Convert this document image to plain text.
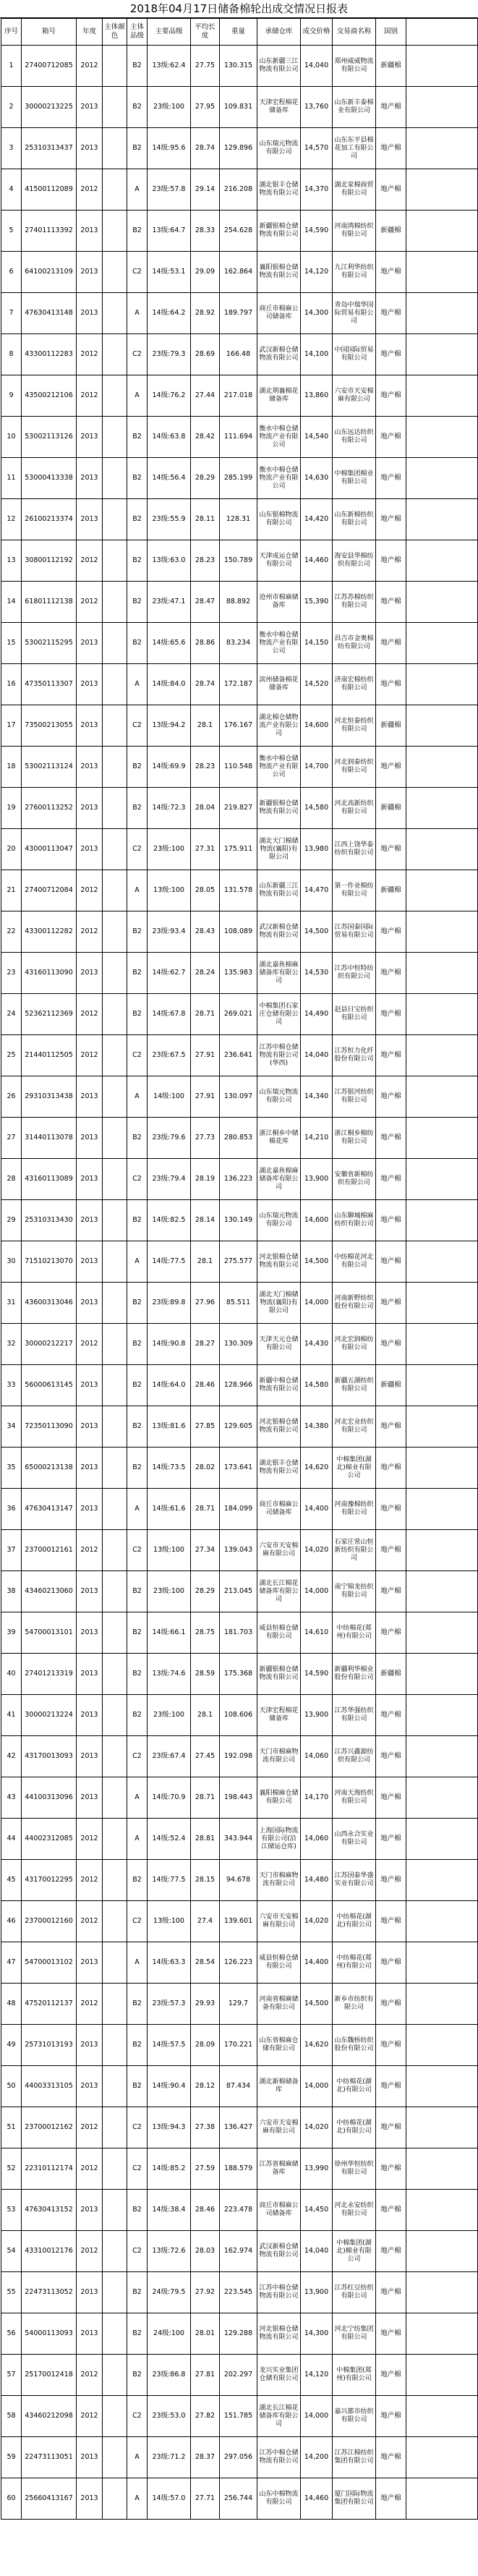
2018年04月17日储备棉轮出成交情况日报表
序号	箱号	年度	主体颜色	主体品级	主要品级	平均长度	重量	承储仓库	成交价格	交易商名称	国别	
1	27400712085	2012		B2	13级:62.4	27.75	130.315	山东新疆三江物流有限公司	14,040	郑州威威物流有限公司	新疆棉	
2	30000213225	2013		B2	23级:100	27.95	109.831	天津宏程棉花储备库	13,760	山东新丰泰棉业有限公司	地产棉	
3	25310313437	2013		B2	14级:95.6	28.74	129.896	山东瑞元物流有限公司	14,570	山东东平县棉花加工有限公司	地产棉	
4	41500112089	2012		A	23级:57.8	29.14	216.208	湖北银丰仓储物流有限公司	14,370	湖北家棉商贸有限公司	地产棉	
5	27401113392	2013		B2	13级:64.7	28.33	254.628	新疆银棉仓储物流有限公司	14,590	河南鸿棉纺织有限公司	新疆棉	
6	64100213109	2013		C2	14级:53.1	29.09	162.864	襄阳银棉仓储物流有限公司	14,120	九江利华纺织有限公司	地产棉	
7	47630413148	2013		A	14级:64.2	28.92	189.797	商丘市棉麻公司储备库	14,300	青岛中瑞华国际贸易有限公司	地产棉	
8	43300112283	2012		C2	23级:79.3	28.69	166.48	武汉新棉仓储物流有限公司	14,100	中国国际贸易有限公司	地产棉	
9	43500212106	2012		A	14级:76.2	27.44	217.018	湖北荆襄棉花储备库	13,860	六安市天安棉麻有限公司	地产棉	
10	53002113126	2013		B2	14级:63.8	28.42	111.694	衡水中棉仓储物流产业有限公司	14,540	山东远达纺织有限公司	地产棉	
11	53000413338	2013		B2	14级:56.4	28.29	285.199	衡水中棉仓储物流产业有限公司	14,630	中棉集团棉业有限公司	地产棉	
12	26100213374	2013		B2	23级:55.9	28.11	128.31	山东银棉物流有限公司	14,420	山东新棉纺织有限公司	地产棉	
13	30800112192	2012		B2	13级:63.0	28.23	150.789	天津成运仓储有限公司	14,460	海安县华棉纺织有限公司	地产棉	
14	61801112138	2012		B2	23级:47.1	28.47	88.892	沧州市棉麻储备库	15,390	江苏苏棉纺织有限公司	地产棉	
15	53002115295	2013		B2	14级:65.6	28.86	83.234	衡水中棉仓储物流产业有限公司	14,150	昌吉市金奥棉纺有限公司	地产棉	
16	47350113307	2013		A	14级:84.0	28.74	172.187	滨州储备棉花储备库	14,520	济南宏棉纺织有限公司	地产棉	
17	73500213055	2013		C2	13级:94.2	28.1	176.167	湖北棉仓储物流产业有限公司	14,600	河北恒泰纺织有限公司	新疆棉	
18	53002113124	2013		B2	14级:69.9	28.23	110.548	衡水中棉仓储物流产业有限公司	14,700	河北润泰纺织有限公司	地产棉	
19	27600113252	2013		B2	14级:72.3	28.04	219.827	新疆银棉仓储物流有限公司	14,580	河北高新纺织有限公司	新疆棉	
20	43000113047	2013		C2	23级:100	27.31	175.911	湖北天门棉储物流(襄阳)有限公司	13,980	江西上饶华泰纺织有限公司	地产棉	
21	27400712084	2012		A	13级:100	28.05	131.578	山东新疆三江物流有限公司	14,470	第一作业棉纺有限公司	新疆棉	
22	43300112282	2012		B2	23级:93.4	28.43	108.089	武汉新棉仓储物流有限公司	14,500	江苏国泰国际贸易有限公司	地产棉	
23	43160113090	2013		B2	14级:62.7	28.24	135.983	湖北嘉鱼棉麻储备库有限公司	14,530	江苏中恒特纺织有限公司	地产棉	
24	52362112369	2012		B2	14级:67.8	28.71	269.021	中棉集团石家庄仓储有限公司	14,490	赵县日宝纺织有限公司	地产棉	
25	21440112505	2012		C2	23级:67.5	27.91	236.641	江苏中棉仓储物流有限公司(华西)	14,040	江苏恒力化纤股份有限公司	地产棉	
26	29310313438	2013		A	14级:100	27.91	130.097	山东瑞元物流有限公司	14,340	江苏银河纺织有限公司	地产棉	
27	31440113078	2013		B2	23级:79.6	27.73	280.853	浙江桐乡中储棉花库	14,210	浙江桐乡棉纺有限公司	地产棉	
28	43160113089	2013		C2	23级:79.4	28.19	136.223	湖北嘉鱼棉麻储备库有限公司	13,900	安徽省新棉纺织有限公司	地产棉	
29	25310313430	2013		B2	14级:82.5	28.14	130.149	山东瑞元物流有限公司	14,600	山东聊城棉麻纺织有限公司	地产棉	
30	71510213070	2013		A	14级:77.5	28.1	275.577	河北银棉仓储物流有限公司	14,500	中纺棉花河北有限公司	地产棉	
31	43600313046	2013		B2	23级:89.8	27.96	85.511	湖北天门棉储物流(襄阳)有限公司	14,000	河南新野纺织股份有限公司	地产棉	
32	30000212217	2012		B2	14级:90.8	28.27	130.309	天津天元仓储有限公司	14,430	河北宏润棉纺有限公司	地产棉	
33	56000613145	2013		B2	14级:64.0	28.46	128.966	新疆中棉仓储物流有限公司	14,580	新疆五湖纺织有限公司	新疆棉	
34	72350113090	2013		B2	13级:81.6	27.85	129.605	河北银棉仓储物流有限公司	14,380	河北宏业纺织有限公司	地产棉	
35	65000213138	2013		B2	14级:73.5	28.02	173.641	湖北银丰仓储物流有限公司	14,620	中棉集团(湖北)棉业有限公司	地产棉	
36	47630413147	2013		A	14级:61.6	28.71	184.099	商丘市棉麻公司储备库	14,400	河南豫棉纺织有限公司	地产棉	
37	23700012161	2012		C2	13级:100	27.34	139.043	六安市天安棉麻有限公司	14,020	石家庄常山恒新纺织有限公司	地产棉	
38	43460213060	2013		B2	23级:100	28.29	213.045	湖北长江棉花储备库有限公司	14,000	南宁锦龙纺织有限公司	地产棉	
39	54700013101	2013		B2	14级:66.1	28.75	181.703	威县恒棉仓储有限公司	14,610	中纺棉花(郑州)有限公司	地产棉	
40	27401213319	2013		B2	13级:74.6	28.59	175.368	新疆银棉仓储物流有限公司	14,590	新疆利华棉业股份有限公司	新疆棉	
41	30000213224	2013		B2	23级:100	28.1	108.606	天津宏程棉花储备库	13,900	江苏华强纺织有限公司	地产棉	
42	43170013093	2013		C2	23级:67.4	27.45	192.098	天门市棉麻物流有限公司	14,060	江苏兴鑫源纺织有限公司	地产棉	
43	44100313096	2013		A	14级:70.9	28.71	198.443	襄阳棉麻仓储有限公司	14,170	河南天海纺织有限公司	地产棉	
44	44002312085	2012		A	14级:52.4	28.81	343.944	上海国际物流有限公司(沿江储运仓库)	14,060	山西永合实业有限公司	地产棉	
45	43170012295	2012		B2	14级:77.5	28.15	94.678	天门市棉麻物流有限公司	14,480	江苏国泰华盛实业有限公司	地产棉	
46	23700012160	2012		C2	13级:100	27.4	139.601	六安市天安棉麻有限公司	14,020	中纺棉花(湖北)有限公司	地产棉	
47	54700013102	2013		A	14级:63.3	28.54	126.223	威县恒棉仓储有限公司	14,400	中纺棉花(郑州)有限公司	地产棉	
48	47520112137	2012		B2	23级:57.3	29.93	129.7	河南省棉麻储备有限公司	14,500	新乡市纺织有限公司	地产棉	
49	25731013193	2013		B2	14级:57.5	28.09	170.221	山东省棉麻仓储有限公司	14,620	山东魏桥纺织股份有限公司	地产棉	
50	44003313105	2013		B2	14级:90.4	28.12	87.434	湖北新棉储备库	14,000	中纺棉花(湖北)有限公司	地产棉	
51	23700012162	2012		C2	13级:94.3	27.38	136.427	六安市天安棉麻有限公司	14,020	中纺棉花(湖北)有限公司	地产棉	
52	22310112174	2012		C2	14级:85.2	27.59	188.579	江苏省棉麻储备库	13,990	徐州华恒纺织有限公司	地产棉	
53	47630413152	2013		B2	14级:38.4	28.46	223.478	商丘市棉麻公司储备库	14,450	河北永安纺织有限公司	地产棉	
54	43310012176	2012		C2	13级:72.6	28.03	162.974	武汉新棉仓储物流有限公司	14,040	中棉集团(湖北)棉业有限公司	地产棉	
55	22473113052	2013		B2	24级:79.5	27.92	223.545	江苏中棉仓储物流有限公司	13,900	江苏红豆纺织有限公司	地产棉	
56	54000113093	2013		B2	24级:100	28.01	129.288	河北银棉仓储物流有限公司	14,300	河北宁纺集团有限公司	地产棉	
57	25170012418	2012		B2	23级:86.8	27.81	202.297	龙兴实业集团仓储有限公司	14,120	中棉集团(郑州)有限公司	地产棉	
58	43460212098	2012		C2	23级:53.0	27.82	151.785	湖北长江棉花储备库有限公司	14,000	嘉兴都市纺织有限公司	地产棉	
59	22473113051	2013		A	23级:71.2	28.37	297.056	江苏中棉仓储物流有限公司	14,200	江苏江棉纺织集团有限公司	地产棉	
60	25660413167	2013		A	14级:57.0	27.71	256.744	山东中棉物流有限公司	14,460	厦门国际物流集团有限公司	地产棉	
